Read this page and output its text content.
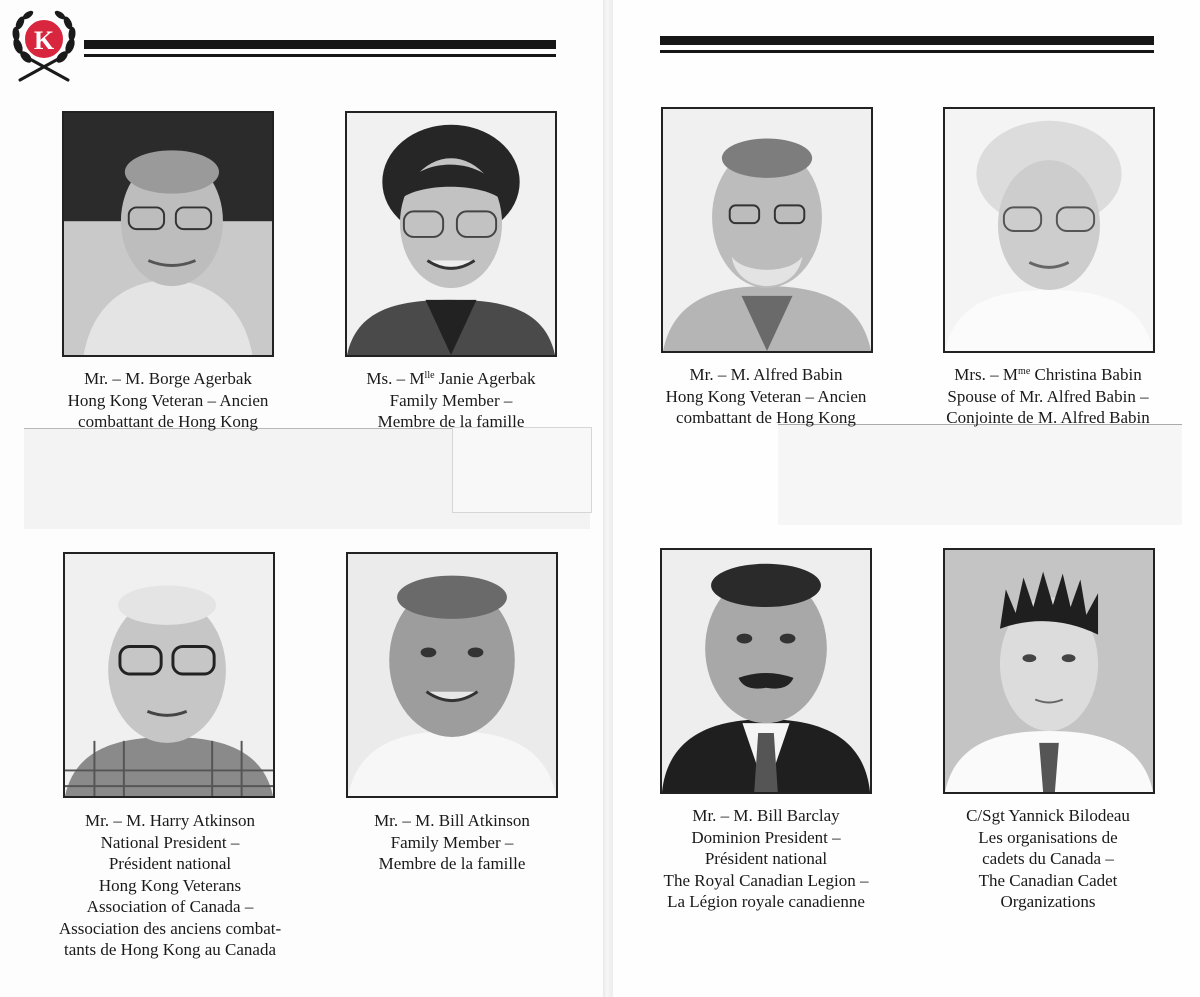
K
Mr. – M. Borge Agerbak
Hong Kong Veteran – Ancien
combattant de Hong Kong
Ms. – $M^{lle}$ Janie Agerbak
Family Member –
Membre de la famille
Mr. – M. Harry Atkinson
National President –
Président national
Hong Kong Veterans
Association of Canada –
Association des anciens combat-
tants de Hong Kong au Canada
Mr. – M. Bill Atkinson
Family Member –
Membre de la famille
Mr. – M. Alfred Babin
Hong Kong Veteran – Ancien
combattant de Hong Kong
Mrs. – $M^{me}$ Christina Babin
Spouse of Mr. Alfred Babin –
Conjointe de M. Alfred Babin
Mr. – M. Bill Barclay
Dominion President –
Président national
The Royal Canadian Legion –
La Légion royale canadienne
C/Sgt Yannick Bilodeau
Les organisations de
cadets du Canada –
The Canadian Cadet
Organizations
